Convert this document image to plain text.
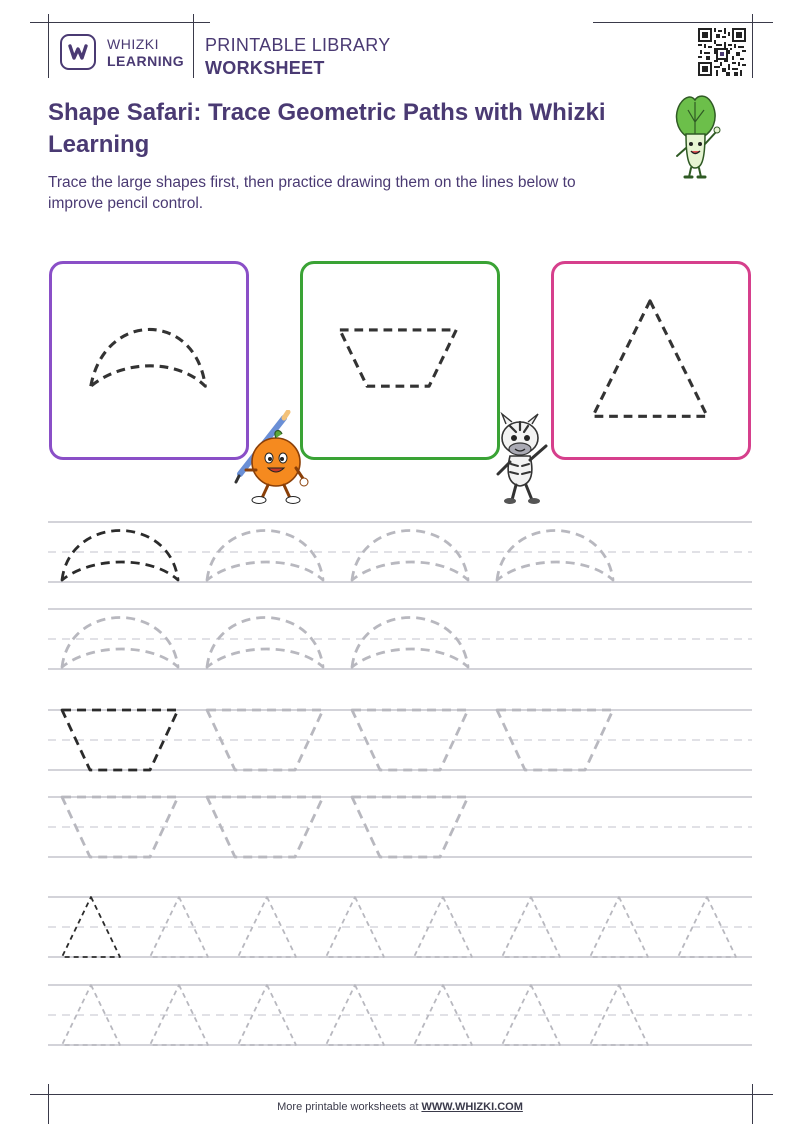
WHIZKI
LEARNING
PRINTABLE LIBRARY
WORKSHEET
Shape Safari: Trace Geometric Paths with Whizki Learning
Trace the large shapes first, then practice drawing them on the lines below to improve pencil control.
More printable worksheets at WWW.WHIZKI.COM
